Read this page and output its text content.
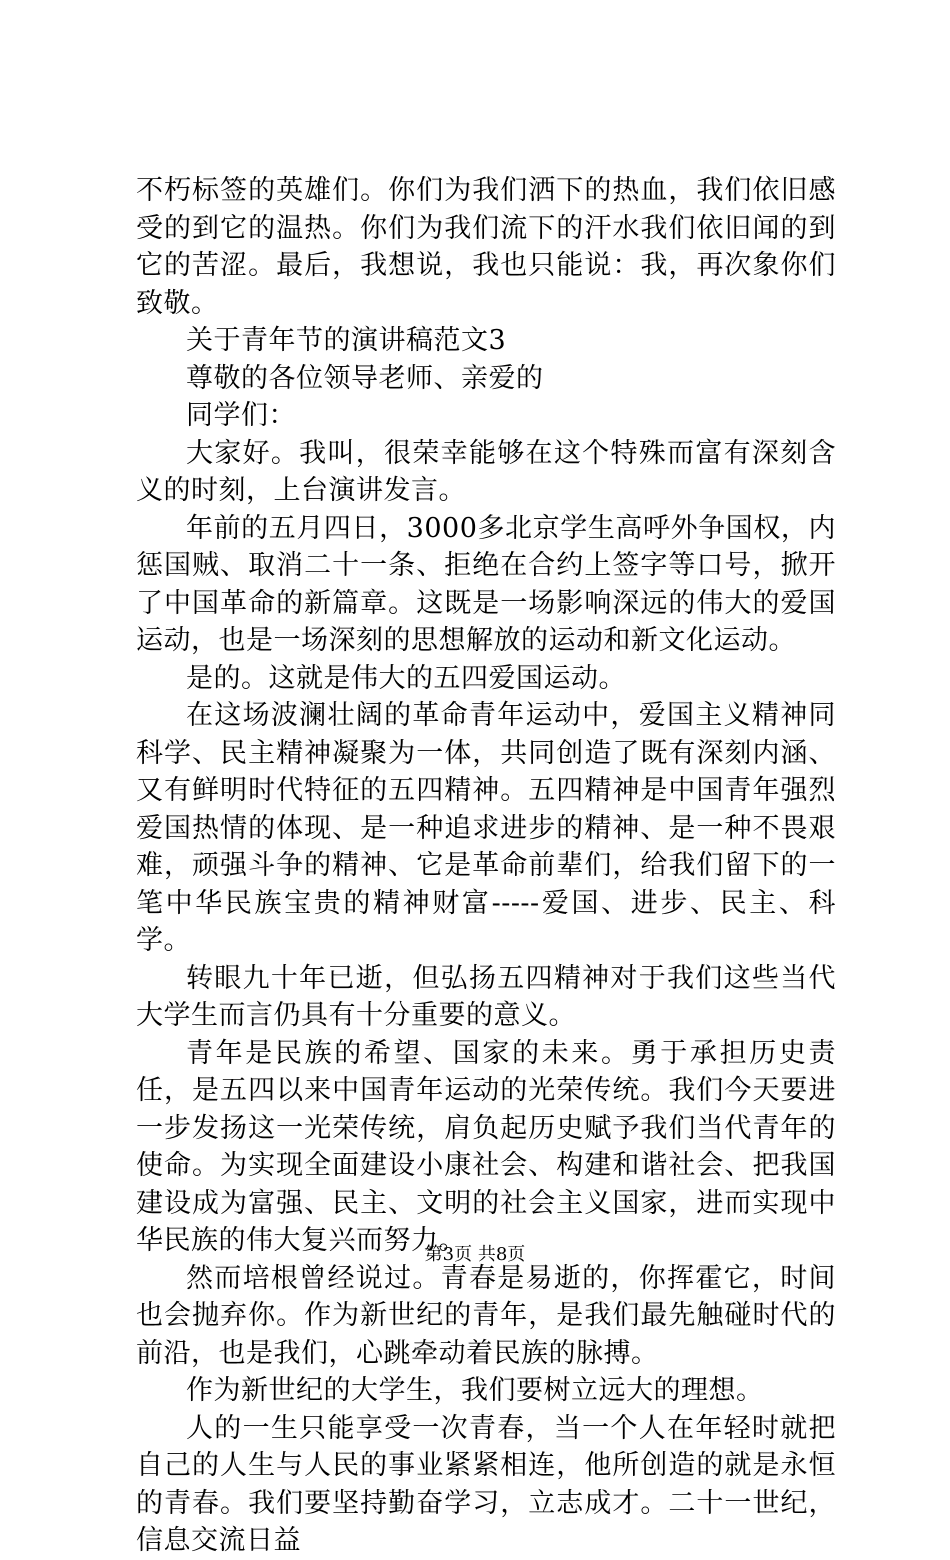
不朽标签的英雄们。你们为我们洒下的热血，我们依旧感受的到它的温热。你们为我们流下的汗水我们依旧闻的到它的苦涩。最后，我想说，我也只能说：我，再次象你们致敬。

关于青年节的演讲稿范文3

尊敬的各位领导老师、亲爱的

同学们：

大家好。我叫，很荣幸能够在这个特殊而富有深刻含义的时刻，上台演讲发言。

年前的五月四日，3000多北京学生高呼外争国权，内惩国贼、取消二十一条、拒绝在合约上签字等口号，掀开了中国革命的新篇章。这既是一场影响深远的伟大的爱国运动，也是一场深刻的思想解放的运动和新文化运动。

是的。这就是伟大的五四爱国运动。

在这场波澜壮阔的革命青年运动中，爱国主义精神同科学、民主精神凝聚为一体，共同创造了既有深刻内涵、又有鲜明时代特征的五四精神。五四精神是中国青年强烈爱国热情的体现、是一种追求进步的精神、是一种不畏艰难，顽强斗争的精神、它是革命前辈们，给我们留下的一笔中华民族宝贵的精神财富-----爱国、进步、民主、科学。

转眼九十年已逝，但弘扬五四精神对于我们这些当代大学生而言仍具有十分重要的意义。

青年是民族的希望、国家的未来。勇于承担历史责任，是五四以来中国青年运动的光荣传统。我们今天要进一步发扬这一光荣传统，肩负起历史赋予我们当代青年的使命。为实现全面建设小康社会、构建和谐社会、把我国建设成为富强、民主、文明的社会主义国家，进而实现中华民族的伟大复兴而努力。

然而培根曾经说过。青春是易逝的，你挥霍它，时间也会抛弃你。作为新世纪的青年，是我们最先触碰时代的前沿，也是我们，心跳牵动着民族的脉搏。

作为新世纪的大学生，我们要树立远大的理想。

人的一生只能享受一次青春，当一个人在年轻时就把自己的人生与人民的事业紧紧相连，他所创造的就是永恒的青春。我们要坚持勤奋学习，立志成才。二十一世纪，信息交流日益

第3页 共8页
